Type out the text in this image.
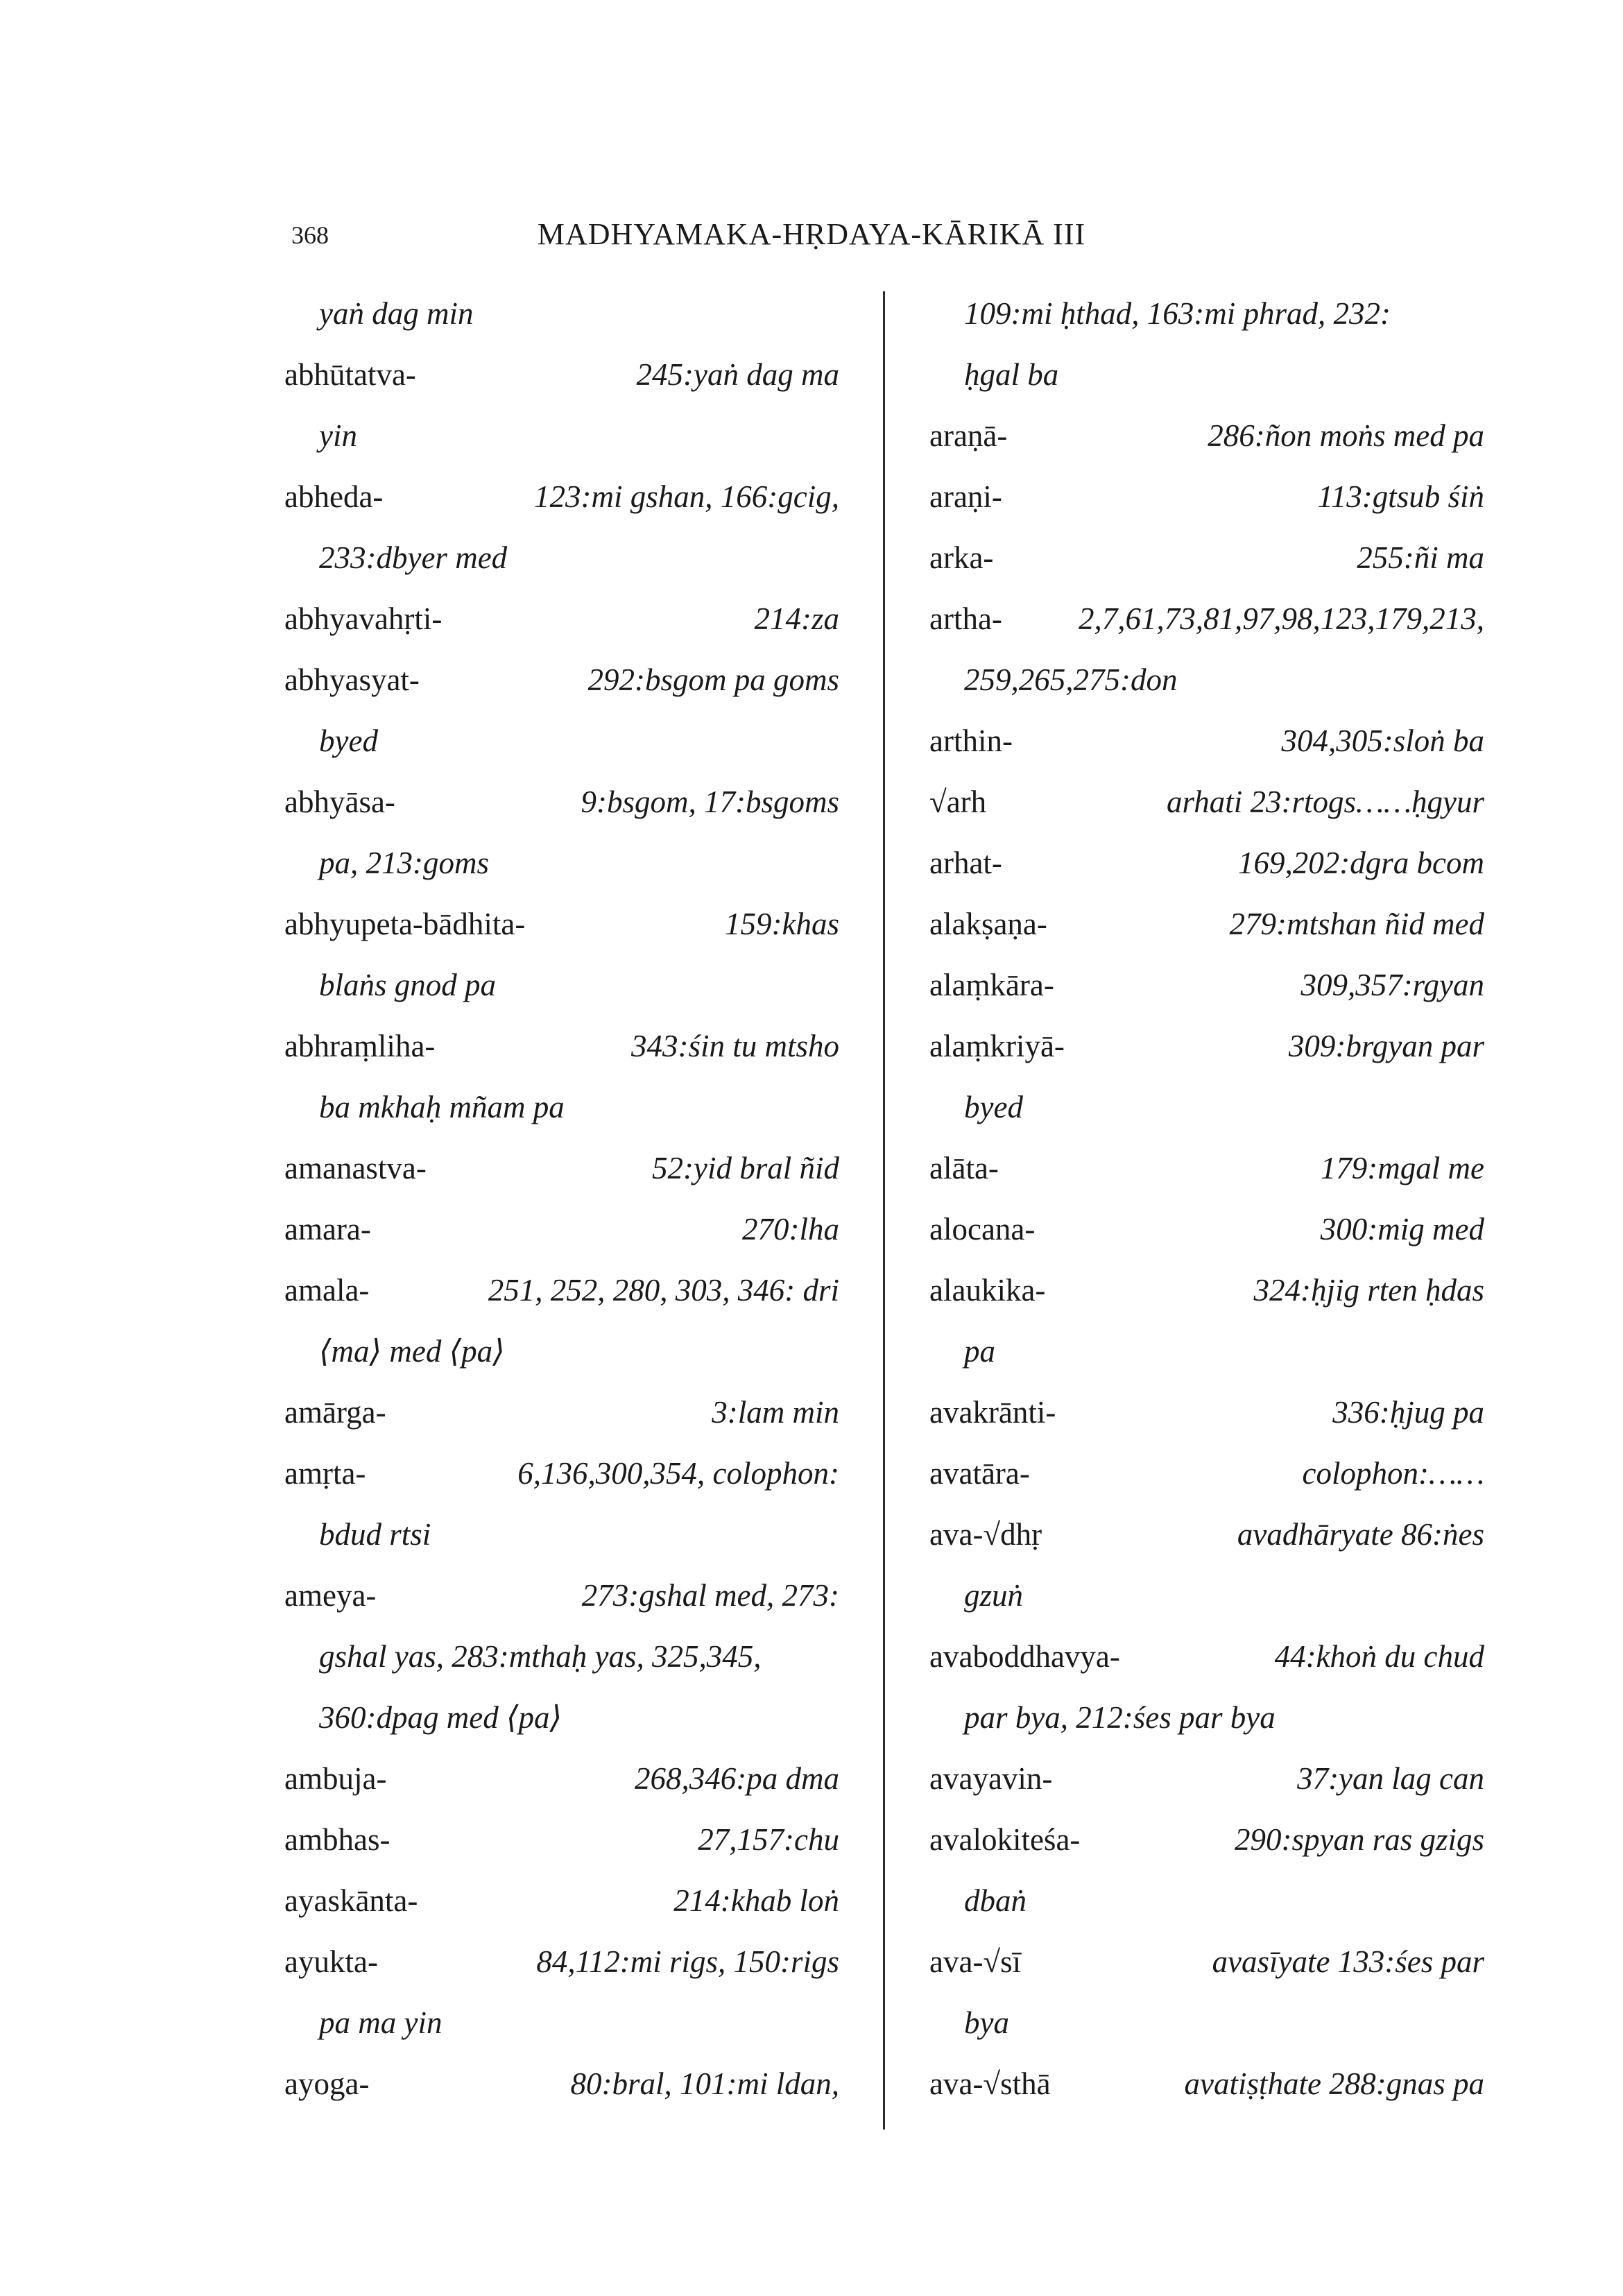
368	MADHYAMAKA-HṚDAYA-KĀRIKĀ III
yaṅ dag min
abhūtatva-	245:yaṅ dag ma
yin
abheda-	123:mi gshan, 166:gcig,
233:dbyer med
abhyavahṛti-	214:za
abhyasyat-	292:bsgom pa goms
byed
abhyāsa-	9:bsgom, 17:bsgoms
pa, 213:goms
abhyupeta-bādhita-	159:khas
blaṅs gnod pa
abhraṃliha-	343:śin tu mtsho
ba mkhaḥ mñam pa
amanastva-	52:yid bral ñid
amara-	270:lha
amala-	251, 252, 280, 303, 346: dri
⟨ma⟩ med ⟨pa⟩
amārga-	3:lam min
amṛta-	6,136,300,354, colophon:
bdud rtsi
ameya-	273:gshal med, 273:
gshal yas, 283:mthaḥ yas, 325,345,
360:dpag med ⟨pa⟩
ambuja-	268,346:pa dma
ambhas-	27,157:chu
ayaskānta-	214:khab loṅ
ayukta-	84,112:mi rigs, 150:rigs
pa ma yin
ayoga-	80:bral, 101:mi ldan,
109:mi ḥthad, 163:mi phrad, 232:
ḥgal ba
araṇā-	286:ñon moṅs med pa
araṇi-	113:gtsub śiṅ
arka-	255:ñi ma
artha- 2,7,61,73,81,97,98,123,179,213,
259,265,275:don
arthin-	304,305:sloṅ ba
√arh	arhati 23:rtogs……ḥgyur
arhat-	169,202:dgra bcom
alakṣaṇa-	279:mtshan ñid med
alaṃkāra-	309,357:rgyan
alaṃkriyā-	309:brgyan par
byed
alāta-	179:mgal me
alocana-	300:mig med
alaukika-	324:ḥjig rten ḥdas
pa
avakrānti-	336:ḥjug pa
avatāra-	colophon:……
ava-√dhṛ	avadhāryate 86:ṅes
gzuṅ
avaboddhavya-	44:khoṅ du chud
par bya, 212:śes par bya
avayavin-	37:yan lag can
avalokiteśa-	290:spyan ras gzigs
dbaṅ
ava-√sī	avasīyate 133:śes par
bya
ava-√sthā	avatiṣṭhate 288:gnas pa
